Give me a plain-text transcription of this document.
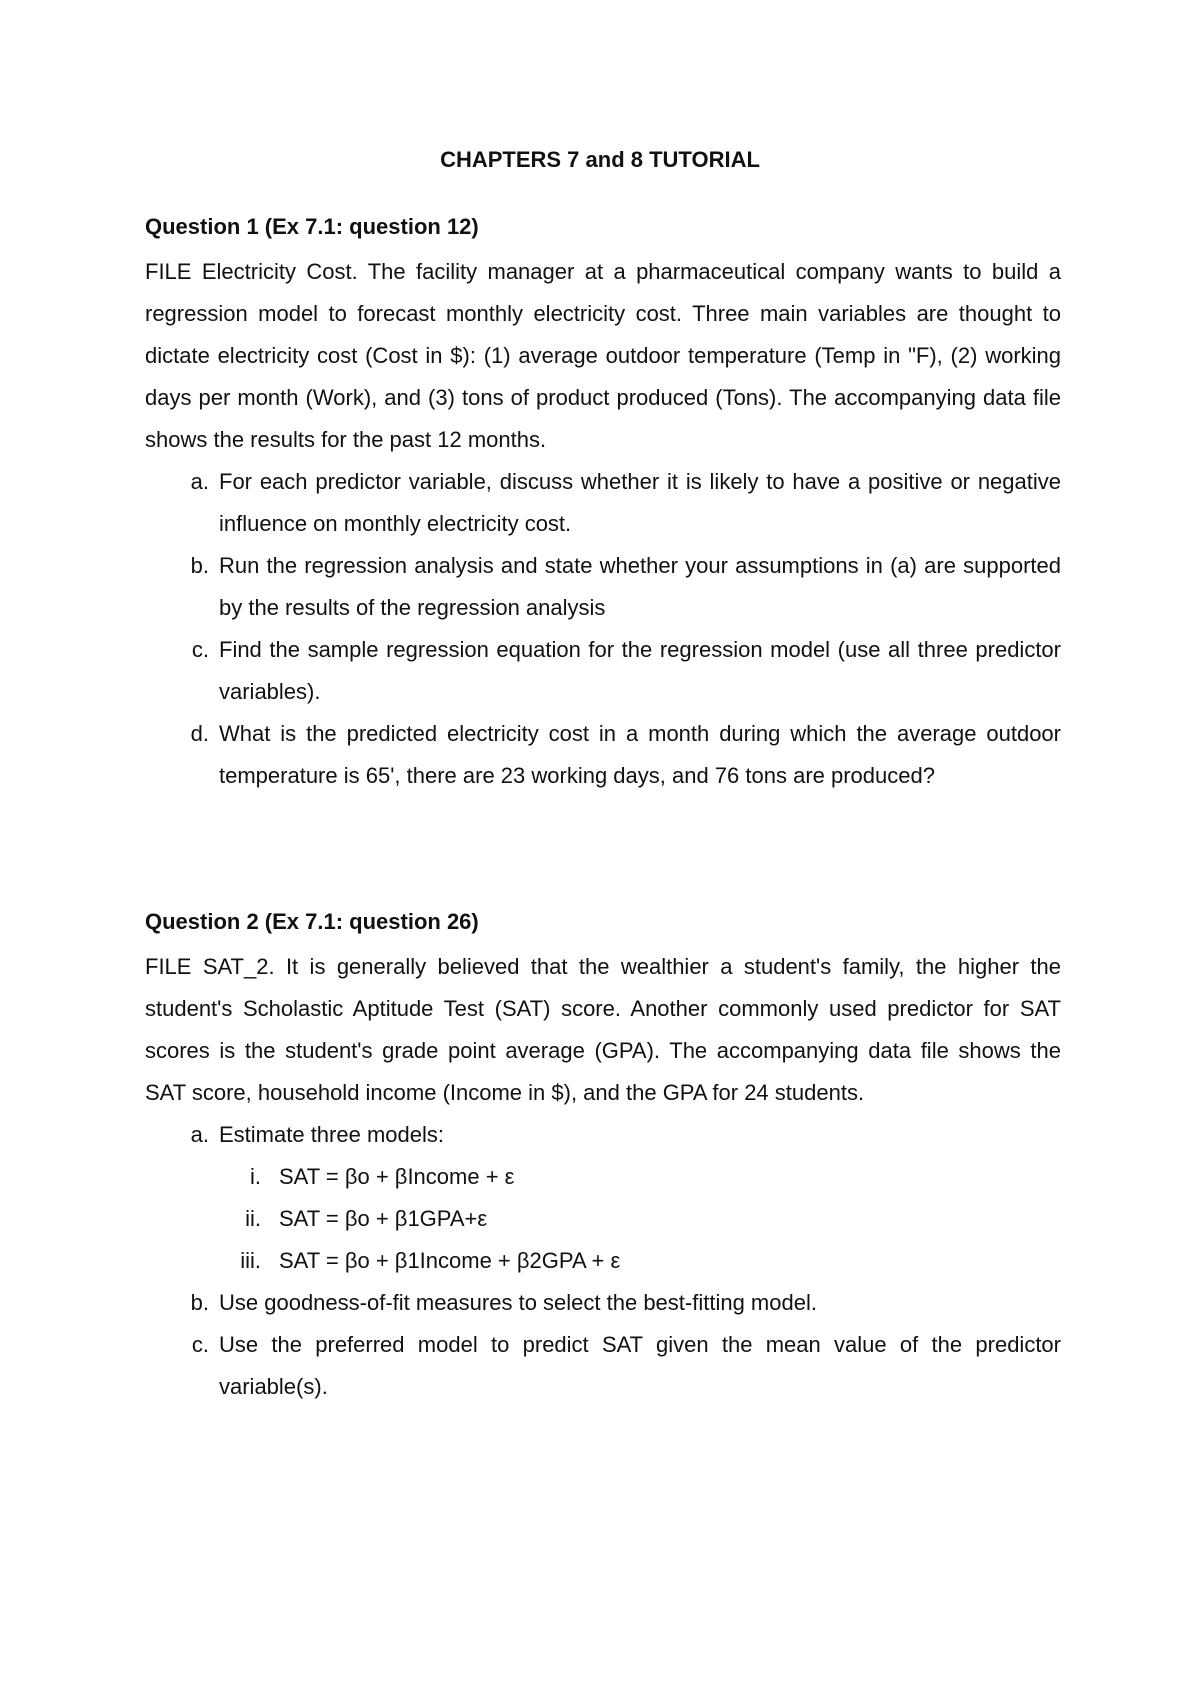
CHAPTERS 7 and 8 TUTORIAL
Question 1 (Ex 7.1: question 12)

FILE Electricity Cost. The facility manager at a pharmaceutical company wants to build a regression model to forecast monthly electricity cost. Three main variables are thought to dictate electricity cost (Cost in $): (1) average outdoor temperature (Temp in "F), (2) working days per month (Work), and (3) tons of product produced (Tons). The accompanying data file shows the results for the past 12 months.

a. For each predictor variable, discuss whether it is likely to have a positive or negative influence on monthly electricity cost.
b. Run the regression analysis and state whether your assumptions in (a) are supported by the results of the regression analysis
c. Find the sample regression equation for the regression model (use all three predictor variables).
d. What is the predicted electricity cost in a month during which the average outdoor temperature is 65', there are 23 working days, and 76 tons are produced?
Question 2 (Ex 7.1: question 26)

FILE SAT_2. It is generally believed that the wealthier a student's family, the higher the student's Scholastic Aptitude Test (SAT) score. Another commonly used predictor for SAT scores is the student's grade point average (GPA). The accompanying data file shows the SAT score, household income (Income in $), and the GPA for 24 students.

a. Estimate three models:
i. SAT = βo + βIncome + ε
ii. SAT = βo + β1GPA+ε
iii. SAT = βo + β1Income + β2GPA + ε
b. Use goodness-of-fit measures to select the best-fitting model.
c. Use the preferred model to predict SAT given the mean value of the predictor variable(s).
